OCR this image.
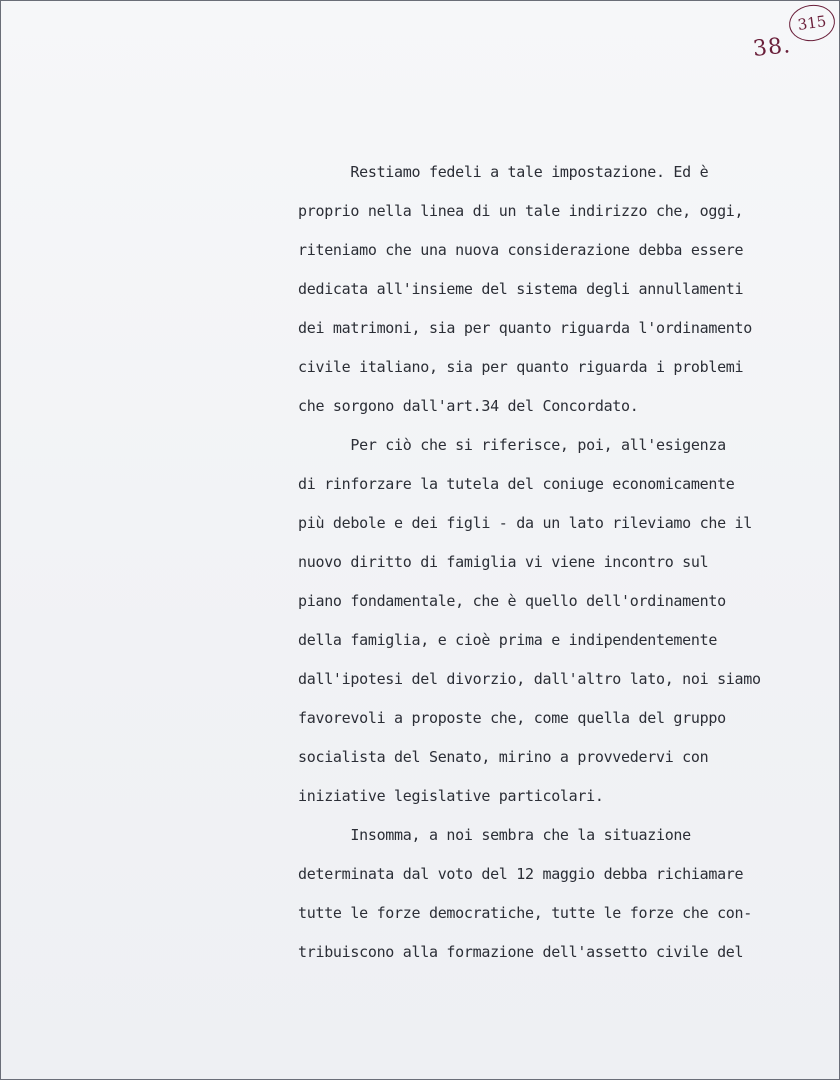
315
38.
Restiamo fedeli a tale impostazione. Ed è
proprio nella linea di un tale indirizzo che, oggi,
riteniamo che una nuova considerazione debba essere
dedicata all'insieme del sistema degli annullamenti
dei matrimoni, sia per quanto riguarda l'ordinamento
civile italiano, sia per quanto riguarda i problemi
che sorgono dall'art.34 del Concordato.
Per ciò che si riferisce, poi, all'esigenza
di rinforzare la tutela del coniuge economicamente
più debole e dei figli - da un lato rileviamo che il
nuovo diritto di famiglia vi viene incontro sul
piano fondamentale, che è quello dell'ordinamento
della famiglia, e cioè prima e indipendentemente
dall'ipotesi del divorzio, dall'altro lato, noi siamo
favorevoli a proposte che, come quella del gruppo
socialista del Senato, mirino a provvedervi con
iniziative legislative particolari.
Insomma, a noi sembra che la situazione
determinata dal voto del 12 maggio debba richiamare
tutte le forze democratiche, tutte le forze che con-
tribuiscono alla formazione dell'assetto civile del
